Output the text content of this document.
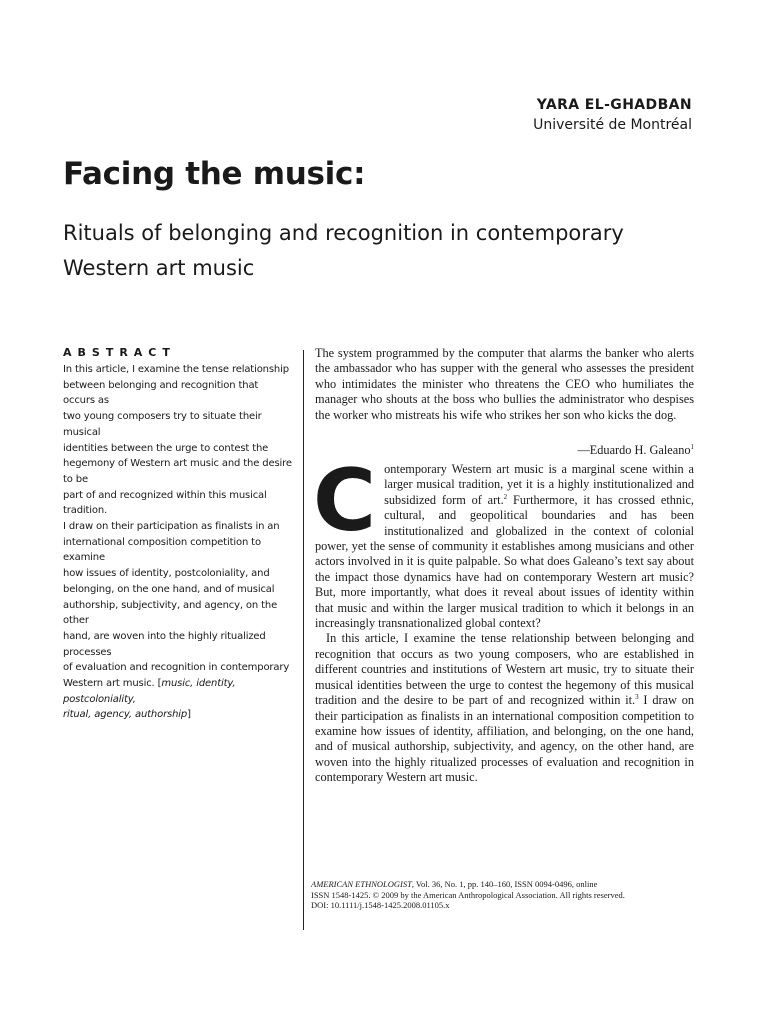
YARA EL-GHADBAN
Université de Montréal
Facing the music:
Rituals of belonging and recognition in contemporary Western art music
ABSTRACT
In this article, I examine the tense relationship
between belonging and recognition that occurs as
two young composers try to situate their musical
identities between the urge to contest the
hegemony of Western art music and the desire to be
part of and recognized within this musical tradition.
I draw on their participation as finalists in an
international composition competition to examine
how issues of identity, postcoloniality, and
belonging, on the one hand, and of musical
authorship, subjectivity, and agency, on the other
hand, are woven into the highly ritualized processes
of evaluation and recognition in contemporary
Western art music. [music, identity, postcoloniality,
ritual, agency, authorship]
The system programmed by the computer that alarms the banker who alerts the ambassador who has supper with the general who assesses the president who intimidates the minister who threatens the CEO who humiliates the manager who shouts at the boss who bullies the administrator who despises the worker who mistreats his wife who strikes her son who kicks the dog.
—Eduardo H. Galeano$^1$

Contemporary Western art music is a marginal scene within a larger musical tradition, yet it is a highly institutionalized and subsidized form of art.$^2$ Furthermore, it has crossed ethnic, cultural, and geopolitical boundaries and has been institutionalized and globalized in the context of colonial power, yet the sense of community it establishes among musicians and other actors involved in it is quite palpable. So what does Galeano’s text say about the impact those dynamics have had on contemporary Western art music? But, more importantly, what does it reveal about issues of identity within that music and within the larger musical tradition to which it belongs in an increasingly transnationalized global context?

In this article, I examine the tense relationship between belonging and recognition that occurs as two young composers, who are established in different countries and institutions of Western art music, try to situate their musical identities between the urge to contest the hegemony of this musical tradition and the desire to be part of and recognized within it.$^3$ I draw on their participation as finalists in an international composition competition to examine how issues of identity, affiliation, and belonging, on the one hand, and of musical authorship, subjectivity, and agency, on the other hand, are woven into the highly ritualized processes of evaluation and recognition in contemporary Western art music.

AMERICAN ETHNOLOGIST, Vol. 36, No. 1, pp. 140–160, ISSN 0094-0496, online
ISSN 1548-1425. © 2009 by the American Anthropological Association. All rights reserved.
DOI: 10.1111/j.1548-1425.2008.01105.x
